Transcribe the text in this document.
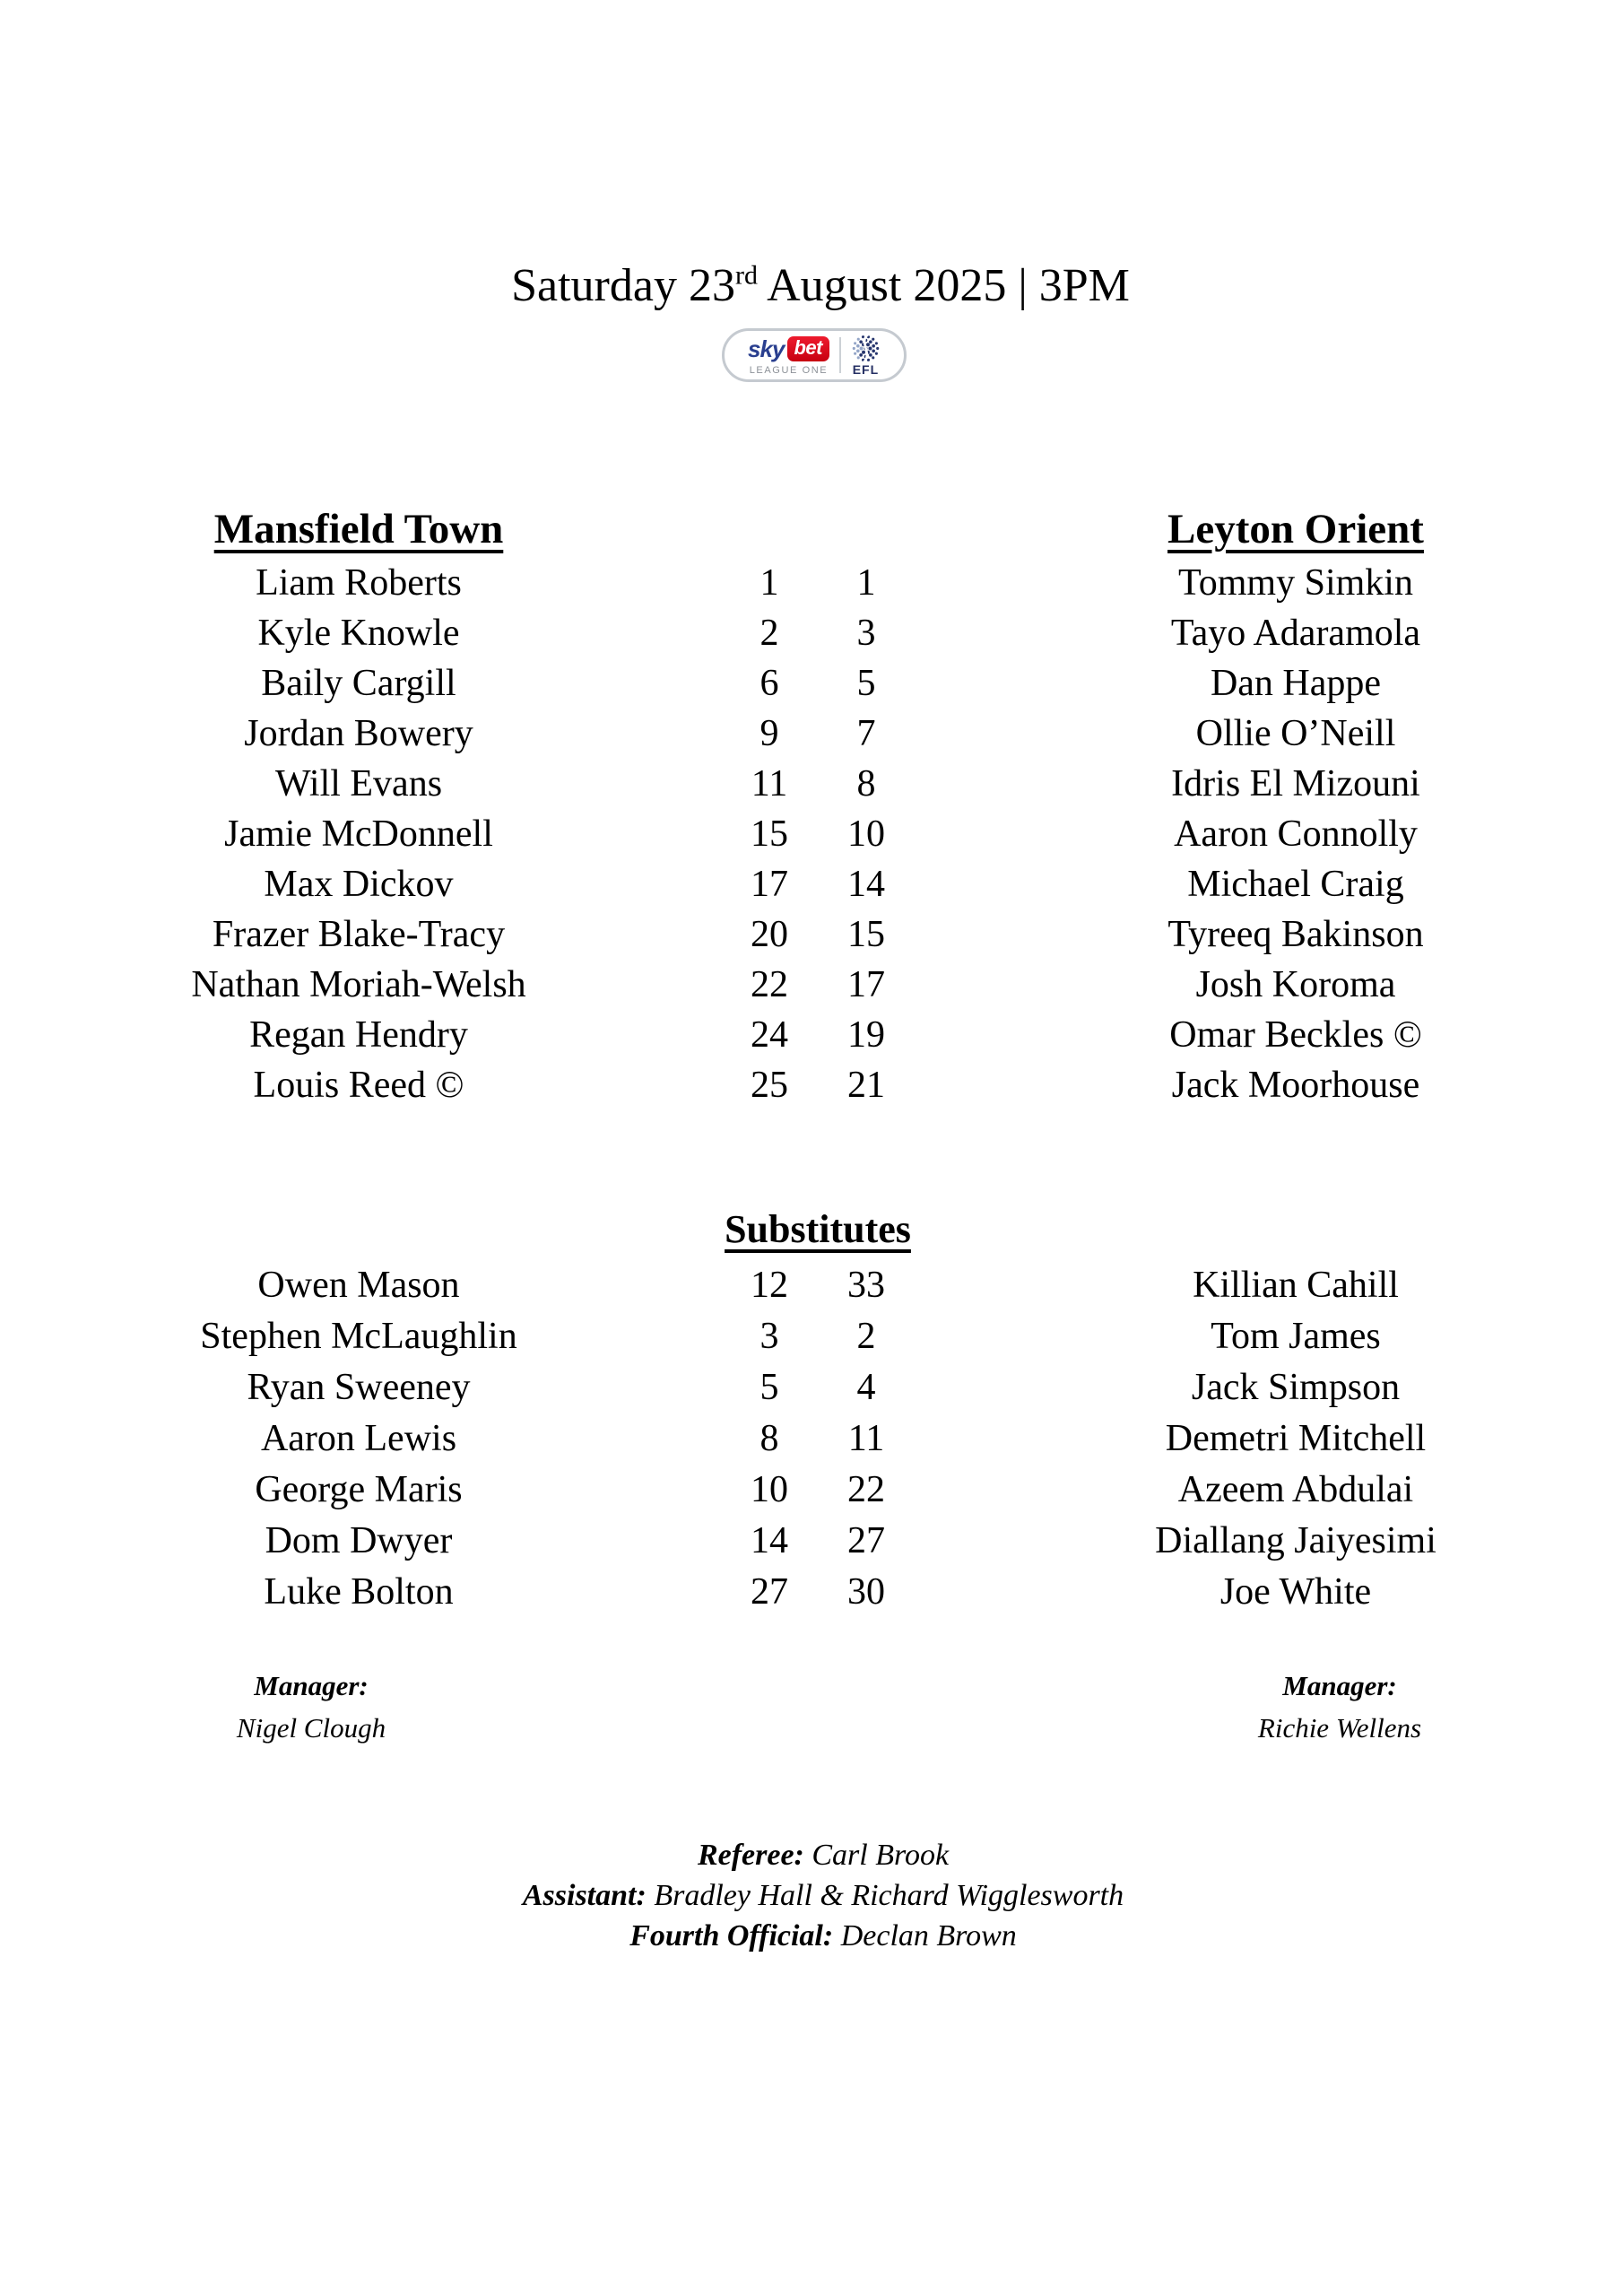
Saturday 23rd August 2025 | 3PM
sky bet
LEAGUE ONE EFL
Mansfield Town	Leyton Orient
Liam Roberts	1	1	Tommy Simkin
Kyle Knowle	2	3	Tayo Adaramola
Baily Cargill	6	5	Dan Happe
Jordan Bowery	9	7	Ollie O’Neill
Will Evans	11	8	Idris El Mizouni
Jamie McDonnell	15	10	Aaron Connolly
Max Dickov	17	14	Michael Craig
Frazer Blake-Tracy	20	15	Tyreeq Bakinson
Nathan Moriah-Welsh	22	17	Josh Koroma
Regan Hendry	24	19	Omar Beckles ©
Louis Reed ©	25	21	Jack Moorhouse
Substitutes
Owen Mason	12	33	Killian Cahill
Stephen McLaughlin	3	2	Tom James
Ryan Sweeney	5	4	Jack Simpson
Aaron Lewis	8	11	Demetri Mitchell
George Maris	10	22	Azeem Abdulai
Dom Dwyer	14	27	Diallang Jaiyesimi
Luke Bolton	27	30	Joe White
Manager:
Nigel Clough
Manager:
Richie Wellens
Referee: Carl Brook
Assistant: Bradley Hall & Richard Wigglesworth
Fourth Official: Declan Brown
